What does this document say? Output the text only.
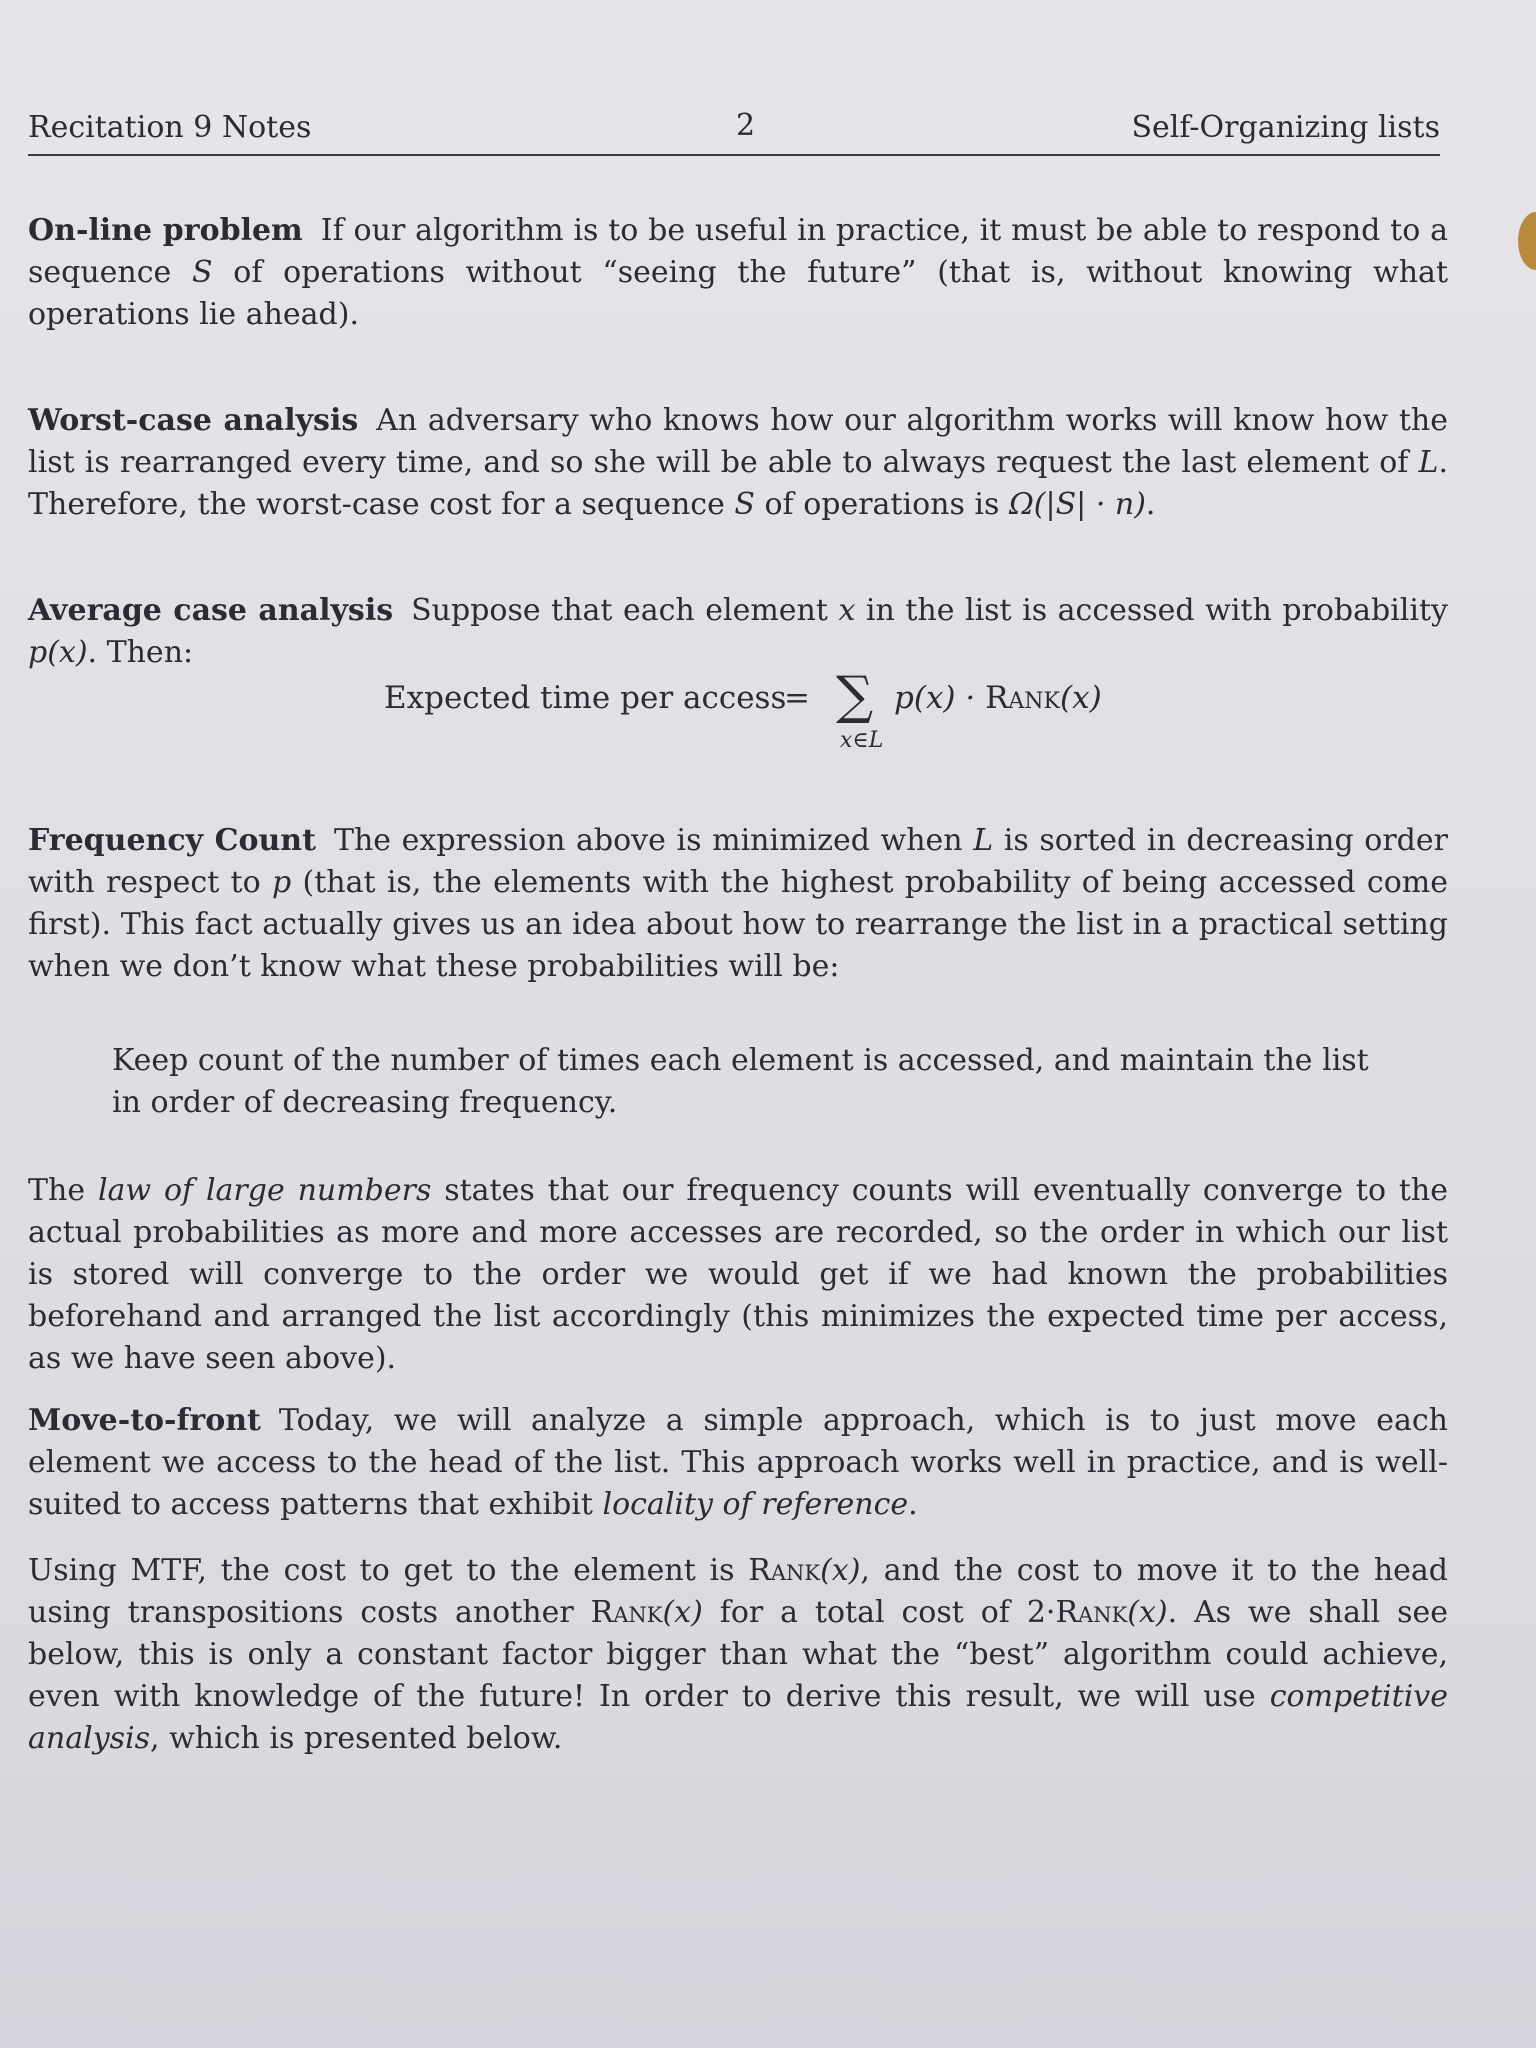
Recitation 9 Notes	2	Self-Organizing lists

On-line problem If our algorithm is to be useful in practice, it must be able to respond to a sequence S of operations without “seeing the future” (that is, without knowing what operations lie ahead).

Worst-case analysis An adversary who knows how our algorithm works will know how the list is rearranged every time, and so she will be able to always request the last element of L. Therefore, the worst-case cost for a sequence S of operations is Ω(|S| · n).

Average case analysis Suppose that each element x in the list is accessed with probability p(x). Then:

Expected time per access
= ∑ p(x) · Rank(x)
x∈L

Frequency Count The expression above is minimized when L is sorted in decreasing order with respect to p (that is, the elements with the highest probability of being accessed come first). This fact actually gives us an idea about how to rearrange the list in a practical setting when we don’t know what these probabilities will be:

Keep count of the number of times each element is accessed, and maintain the list in order of decreasing frequency.

The law of large numbers states that our frequency counts will eventually converge to the actual probabilities as more and more accesses are recorded, so the order in which our list is stored will converge to the order we would get if we had known the probabilities beforehand and arranged the list accordingly (this minimizes the expected time per access, as we have seen above).

Move-to-front Today, we will analyze a simple approach, which is to just move each element we access to the head of the list. This approach works well in practice, and is well-suited to access patterns that exhibit locality of reference.

Using MTF, the cost to get to the element is Rank(x), and the cost to move it to the head using transpositions costs another Rank(x) for a total cost of 2·Rank(x). As we shall see below, this is only a constant factor bigger than what the “best” algorithm could achieve, even with knowledge of the future! In order to derive this result, we will use competitive analysis, which is presented below.
